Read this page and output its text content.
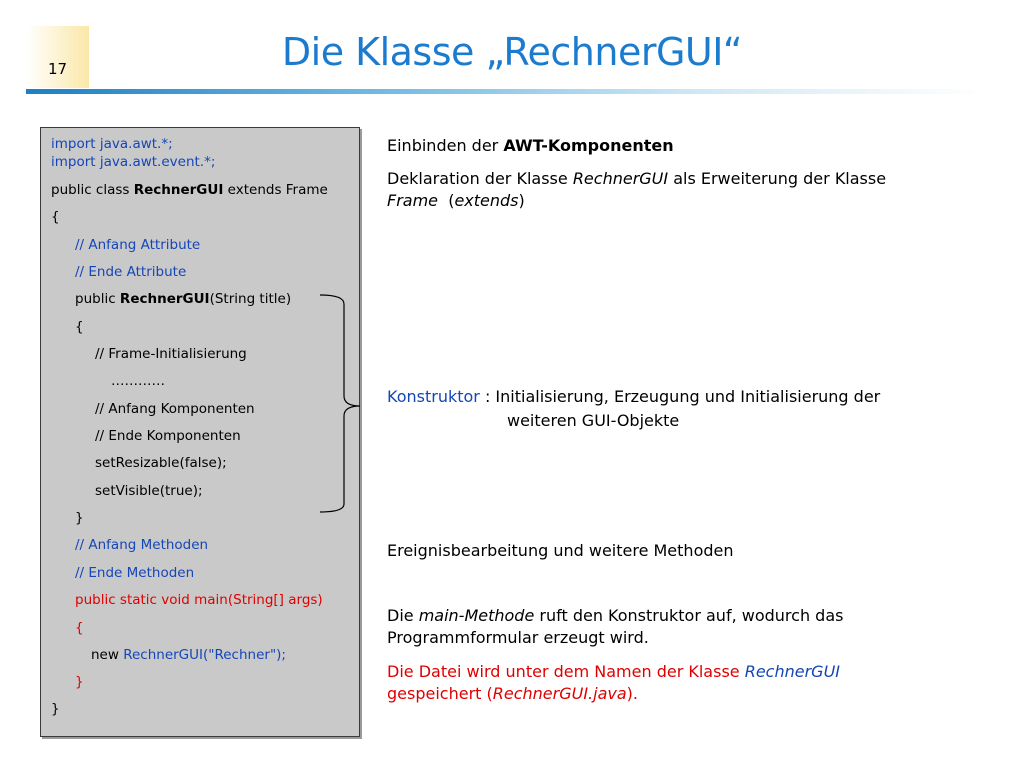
17	Die Klasse „RechnerGUI“
import java.awt.*;
import java.awt.event.*;
public class RechnerGUI extends Frame
{
// Anfang Attribute
// Ende Attribute
public RechnerGUI(String title)
{
// Frame-Initialisierung
…………
// Anfang Komponenten
// Ende Komponenten
setResizable(false);
setVisible(true);
}
// Anfang Methoden
// Ende Methoden
public static void main(String[] args)
{
new RechnerGUI("Rechner");
}
}
Einbinden der AWT-Komponenten
Deklaration der Klasse RechnerGUI als Erweiterung der Klasse
Frame  (extends)
Konstruktor : Initialisierung, Erzeugung und Initialisierung der
weiteren GUI-Objekte
Ereignisbearbeitung und weitere Methoden
Die main-Methode ruft den Konstruktor auf, wodurch das
Programmformular erzeugt wird.
Die Datei wird unter dem Namen der Klasse RechnerGUI
gespeichert (RechnerGUI.java).
